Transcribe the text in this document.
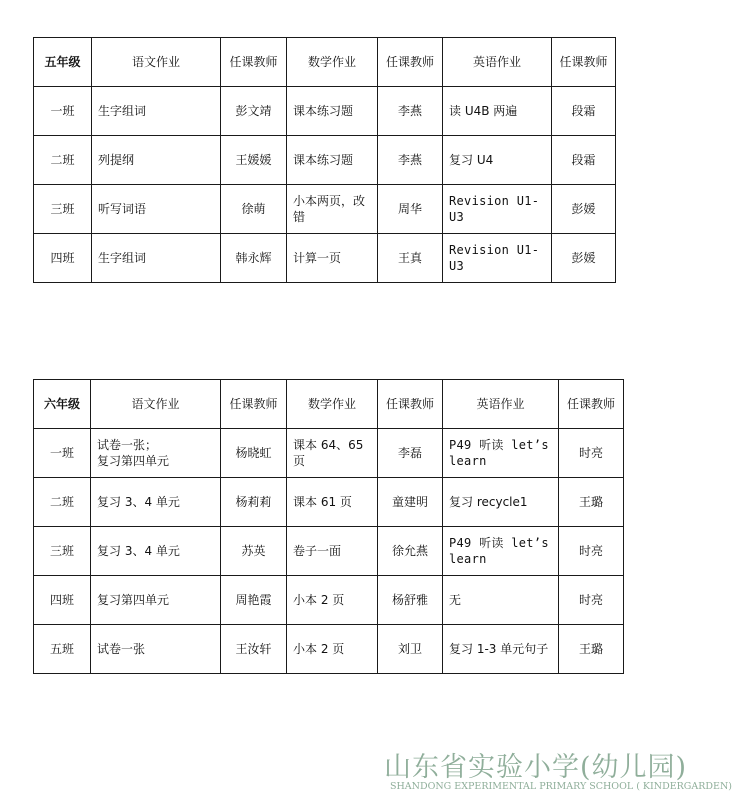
五年级	语文作业	任课教师	数学作业	任课教师	英语作业	任课教师
一班	生字组词	彭文靖	课本练习题	李燕	读 U4B 两遍	段霜
二班	列提纲	王媛媛	课本练习题	李燕	复习 U4	段霜
三班	听写词语	徐萌	小本两页，改
错	周华	Revision U1-U3	彭媛
四班	生字组词	韩永辉	计算一页	王真	Revision U1-U3	彭媛
六年级	语文作业	任课教师	数学作业	任课教师	英语作业	任课教师
一班	试卷一张；
复习第四单元	杨晓虹	课本 64、65 页	李磊	P49 听读 let’s
learn	时亮
二班	复习 3、4 单元	杨莉莉	课本 61 页	童建明	复习 recycle1	王璐
三班	复习 3、4 单元	苏英	卷子一面	徐允燕	P49 听读 let’s
learn	时亮
四班	复习第四单元	周艳霞	小本 2 页	杨舒雅	无	时亮
五班	试卷一张	王汝轩	小本 2 页	刘卫	复习 1-3 单元句子	王璐
山东省实验小学(幼儿园)
SHANDONG EXPERIMENTAL PRIMARY SCHOOL ( KINDERGARDEN)
